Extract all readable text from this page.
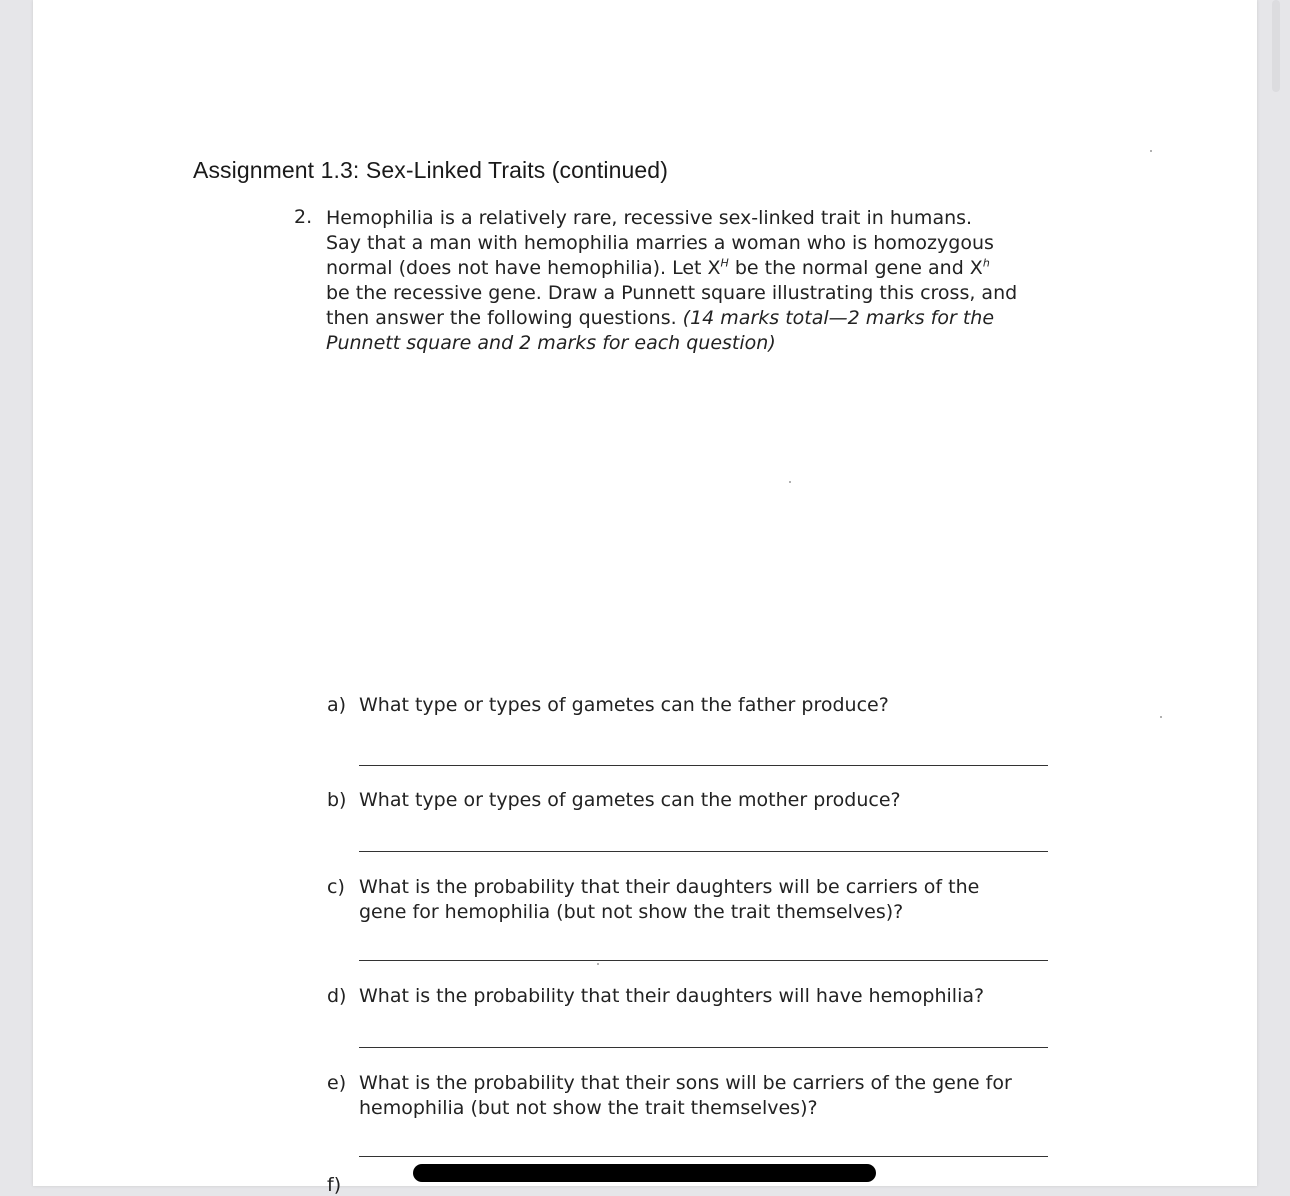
Assignment 1.3: Sex-Linked Traits (continued)
2. Hemophilia is a relatively rare, recessive sex-linked trait in humans.
Say that a man with hemophilia marries a woman who is homozygous
normal (does not have hemophilia). Let $X^H$ be the normal gene and $X^h$
be the recessive gene. Draw a Punnett square illustrating this cross, and
then answer the following questions. (14 marks total—2 marks for the
Punnett square and 2 marks for each question)
a) What type or types of gametes can the father produce?
b) What type or types of gametes can the mother produce?
c) What is the probability that their daughters will be carriers of the
gene for hemophilia (but not show the trait themselves)?
d) What is the probability that their daughters will have hemophilia?
e) What is the probability that their sons will be carriers of the gene for
hemophilia (but not show the trait themselves)?
f)
